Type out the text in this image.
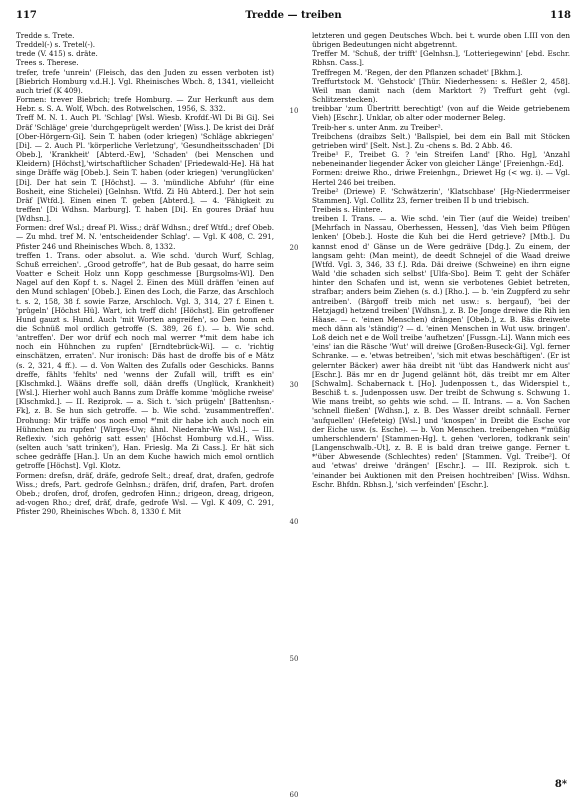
117	Tredde — treiben	118

Tredde s. Trete.

Treddel(-) s. Tretel(-).

trede (V. 415) s. dräte.

Trees s. Therese.

trefer, trefe 'unrein' (Fleisch, das den Juden zu essen verboten ist) [Biebrich Homburg v.d.H.]. Vgl. Rheinisches Wbch. 8, 1341, vielleicht auch trief (K 409).

Formen: trever Biebrich; trefe Homburg. — Zur Herkunft aus dem Hebr. s. S. A. Wolf, Wbch. des Rotwelschen, 1956, S. 332.

Treff M. N. 1. Auch Pl. 'Schlag' [Wsl. Wiesb. Krofdf.-Wl Di Bi Gi]. Sei Dräf 'Schläge' greie 'durchgeprügelt werden' [Wiss.]. De krist dei Dräf [Ober-Hörgern-Gi]. Sein T. haben (oder kriegen) 'Schläge abkriegen' [Di]. — 2. Auch Pl. 'körperliche Verletzung', 'Gesundheitsschaden' [Di Obeb.], 'Krankheit' [Abterd.-Ew], 'Schaden' (bei Menschen und Kleidern) [Höchst],'wirtschaftlicher Schaden' [Friedewald-He]. Hä hat singe Dräffe wäg [Obeb.]. Sein T. haben (oder kriegen) 'verunglücken' [Di]. Der hat sein T. [Höchst]. — 3. 'mündliche Abfuhr' (für eine Bosheit, eine Stichelei) [Gelnhsn. Wtfd. Zi Hü Abterd.]. Der hot sein Dräf [Wtfd.]. Einen einen T. geben [Abterd.]. — 4. 'Fähigkeit zu treffen' [Di Wdhsn. Marburg]. T. haben [Di]. En goures Dräaf huu [Wdhsn.].

Formen: dref Wsl.; dreaf Pl. Wiss.; dräf Wdhsn.; dref Wtfd.; dref Obeb. — Zu mhd. tref M. N. 'entscheidender Schlag'. — Vgl. K 408, C. 291, Pfister 246 und Rheinisches Wbch. 8, 1332.

treffen 1. Trans. oder absolut. a. Wie schd. 'durch Wurf, Schlag, Schuß erreichen'. „Grood getroffe“, hat de Bub gesaat, do harre seim Voatter e Scheit Holz unn Kopp geschmesse [Burgsolms-Wl]. Den Nagel auf den Kopf t. s. Nagel 2. Einen des Müll dräffen 'einen auf den Mund schlagen' [Obeb.]. Einen des Loch, die Farze, das Arschloch t. s. 2, 158, 38 f. sowie Farze, Arschloch. Vgl. 3, 314, 27 f. Einen t. 'prügeln' [Höchst Hü]. Wart, ich treff dich! [Höchst]. Ein getroffener Hund gauzt s. Hund. Auch 'mit Worten angreifen', so Den honn ech die Schnüß mol ordlich getroffe (S. 389, 26 f.). — b. Wie schd. 'antreffen'. Der wor drüf ech noch mal werrer *'mit dem habe ich noch ein Hühnchen zu rupfen' [Erndtebrück-Wi]. — c. 'richtig einschätzen, erraten'. Nur ironisch: Däs hast de droffe bis of e Mätz (s. 2, 321, 4 ff.). — d. Von Walten des Zufalls oder Geschicks. Banns dreffe, fählts 'fehlts' ned 'wenns der Zufall will, trifft es ein' [Klschmkd.]. Wääns dreffe soll, dään dreffs (Unglück, Krankheit) [Wsl.]. Hierher wohl auch Banns zum Dräffe komme 'mögliche rweise' [Klschmkd.]. — II. Reziprok. — a. Sich t. 'sich prügeln' [Battenhsn.-Fk], z. B. Se hun sich getroffe. — b. Wie schd. 'zusammentreffen'. Drohung: Mir träffe oos noch emol *'mit dir habe ich auch noch ein Hühnchen zu rupfen' [Wirges-Uw; ähnl. Niederahr-We Wsl.]. — III. Reflexiv. 'sich gehörig satt essen' [Höchst Homburg v.d.H., Wiss. (selten auch 'satt trinken'), Han. Frieslg. Ma Zi Cass.]. Er hät sich schee gedräffe [Han.]. Un an dem Kuche hawich mich emol orntlich getroffe [Höchst]. Vgl. Klotz.

Formen: drefsn, dräf, dräfe, gedrofe Selt.; dreaf, drat, drafen, gedrofe Wiss.; drefs, Part. gedrofe Gelnhsn.; dräfen, drif, drafen, Part. drofen Obeb.; drofen, drof, drofen, gedrofen Hinn.; drigeon, dreag, drigeon, ad-vogen Rho.; dref, dräf, drafe, gedrofe Wsl. — Vgl. K 409, C. 291, Pfister 290, Rheinisches Wbch. 8, 1330 f. Mit

10
20
30
40
50
60

letzteren und gegen Deutsches Wbch. bei t. wurde oben I.III von den übrigen Bedeutungen nicht abgetrennt.

Treffer M. 'Schuß, der trifft' [Gelnhsn.], 'Lotteriegewinn' [ebd. Eschr. Rbhsn. Cass.].

Treffregen M. 'Regen, der den Pflanzen schadet' [Bkhm.].

Treffurtstock M. 'Gehstock' [Thür. Niederhessen: s. Heßler 2, 458]. Weil man damit nach (dem Marktort ?) Treffurt geht (vgl. Schlitzerstecken).

treibbar 'zum Übertritt berechtigt' (von auf die Weide getriebenem Vieh) [Eschr.]. Unklar, ob alter oder moderner Beleg.

Treib-her s. unter Anm. zu Treiber².

Treibchens (draibzs Selt.) 'Ballspiel, bei dem ein Ball mit Stöcken getrieben wird' [Selt. Nst.]. Zu -chens s. Bd. 2 Abb. 46.

Treibe¹ F., Treibet G. ? 'ein Streifen Land' [Rho. Hg], 'Anzahl nebeneinander liegender Äcker von gleicher Länge' [Freienhgn.-Ed].

Formen: dreiwe Rho., driwe Freienhgn., Driewet Hg (< wg. i). — Vgl. Hertel 246 bei treiben.

Treibe² (Driewe) F. 'Schwätzerin', 'Klatschbase' [Hg-Niederrmeiser Stammen]. Vgl. Collitz 23, ferner treiben II b und triebisch.

Treibeis s. Hintere.

treiben I. Trans. — a. Wie schd. 'ein Tier (auf die Weide) treiben' [Mehrfach in Nassau, Oberhessen, Hessen], 'das Vieh beim Pflügen lenken' [Obeb.]. Hoste die Kuh bei die Herd getrieve? [Mtb.]. Du kannst enod d' Gänse un de Were gedräive [Ddg.]. Zu einem, der langsam geht: (Man meint), de deedt Schnejel of die Waad dreiwe [Wtfd. Vgl. 3, 346, 33 f.]. Rda. Däi dreiwe (Schweine) en ihrn eigne Wald 'die schaden sich selbst' [Ulfa-Sbo]. Beim T. geht der Schäfer hinter den Schafen und ist, wenn sie verbotenes Gebiet betreten, strafbar; anders beim Ziehen (s. d.) [Rho.]. — b. 'ein Zugpferd zu sehr antreiben'. (Bärgoff treib mich net usw.: s. bergauf), 'bei der Hetzjagd) hetzend treiben' [Wdhsn.], z. B. De Jonge dreiwe die Rih ien Häase. — c. 'einen Menschen) drängen' [Obeb.], z. B. Bäs dreiwete mech dänn als 'ständig'? — d. 'einen Menschen in Wut usw. bringen'. Loß deich net e de Woll treibe 'aufhetzen' [Fussgn.-Li]. Wann mich ees 'eins' ian die Räsche 'Wut' will dreiwe [Großen-Buseck-Gi]. Vgl. ferner Schranke. — e. 'etwas betreiben', 'sich mit etwas beschäftigen'. (Er ist gelernter Bäcker) awer häa dreibt nit 'übt das Handwerk nicht aus' [Eschr.]. Bäs mr en dr Jugend gelännt höt, däs treibt mr em Alter [Schwalm]. Schabernack t. [Ho]. Judenpossen t., das Widerspiel t., Beschiß t. s. Judenpossen usw. Der treibt de Schwung s. Schwung 1. Wie mans treibt, so gehts wie schd. — II. Intrans. — a. Von Sachen 'schnell fließen' [Wdhsn.], z. B. Des Wasser dreibt schnäall. Ferner 'aufquellen' (Hefeteig) [Wsl.] und 'knospen' in Dreibt die Esche vor der Eiche usw. (s. Esche). — b. Von Menschen. treibengehen *'müßig umherschlendern' [Stammen-Hg]. t. gehen 'verloren, todkrank sein' [Langenschwalb.-Ut], z. B. E is bald dran treiwe gange. Ferner t. *'über Abwesende (Schlechtes) reden' [Stammen. Vgl. Treibe²]. Of aud 'etwas' dreiwe 'drängen' [Eschr.]. — III. Reziprok. sich t. 'einander bei Auktionen mit den Preisen hochtreiben' [Wiss. Wdhsn. Eschr. Bhfdn. Rbhsn.], 'sich verfeinden' [Eschr.].

8*
